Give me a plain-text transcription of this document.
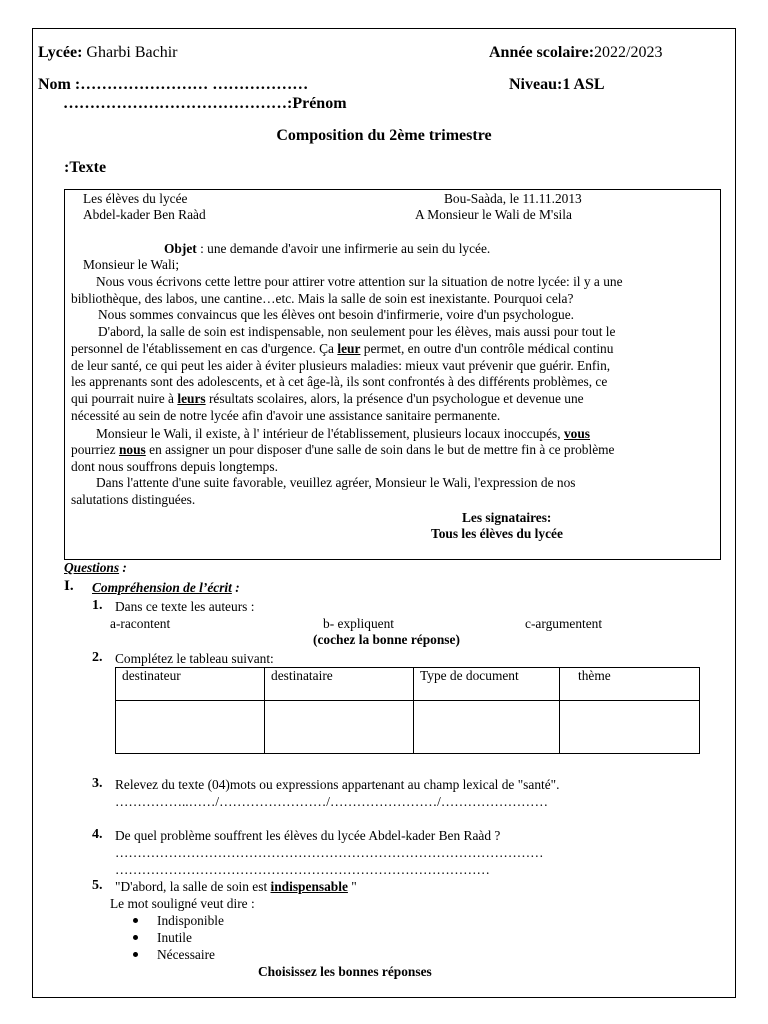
Lycée: Gharbi Bachir	Année scolaire:2022/2023
Nom :…………………… ………………	Niveau:1 ASL
……………………………………:Prénom
Composition du 2ème trimestre
:Texte
Les élèves du lycée
Abdel-kader Ben Raàd
Bou-Saàda, le 11.11.2013
A Monsieur le Wali de M'sila
Objet : une demande d'avoir une infirmerie au sein du lycée.
Monsieur le Wali;
Nous vous écrivons cette lettre pour attirer votre attention sur la situation de notre lycée: il y a une
bibliothèque, des labos, une cantine…etc. Mais la salle de soin est inexistante. Pourquoi cela?
Nous sommes convaincus que les élèves ont besoin d'infirmerie, voire d'un psychologue.
D'abord, la salle de soin est indispensable, non seulement pour les élèves, mais aussi pour tout le
personnel de l'établissement en cas d'urgence. Ça leur permet, en outre d'un contrôle médical continu
de leur santé, ce qui peut les aider à éviter plusieurs maladies: mieux vaut prévenir que guérir. Enfin,
les apprenants sont des adolescents, et à cet âge-là, ils sont confrontés à des différents problèmes, ce
qui pourrait nuire à leurs résultats scolaires, alors, la présence d'un psychologue et devenue une
nécessité au sein de notre lycée afin d'avoir une assistance sanitaire permanente.
Monsieur le Wali, il existe, à l' intérieur de l'établissement, plusieurs locaux inoccupés, vous
pourriez nous en assigner un pour disposer d'une salle de soin dans le but de mettre fin à ce problème
dont nous souffrons depuis longtemps.
Dans l'attente d'une suite favorable, veuillez agréer, Monsieur le Wali, l'expression de nos
salutations distinguées.
Les signataires:
Tous les élèves du lycée
Questions :
I. Compréhension de l’écrit :
1. Dans ce texte les auteurs :
a-racontent	b- expliquent	c-argumentent
(cochez la bonne réponse)
2. Complétez le tableau suivant:
destinateur	destinataire	Type de document	thème

3. Relevez du texte (04)mots ou expressions appartenant au champ lexical de "santé".
……………..……/……………………/……………………/……………………
4. De quel problème souffrent les élèves du lycée Abdel-kader Ben Raàd ?
……………………………………………………………………………………
…………………………………………………………………………
5. "D'abord, la salle de soin est indispensable "
Le mot souligné veut dire :
Indisponible
Inutile
Nécessaire
Choisissez les bonnes réponses
